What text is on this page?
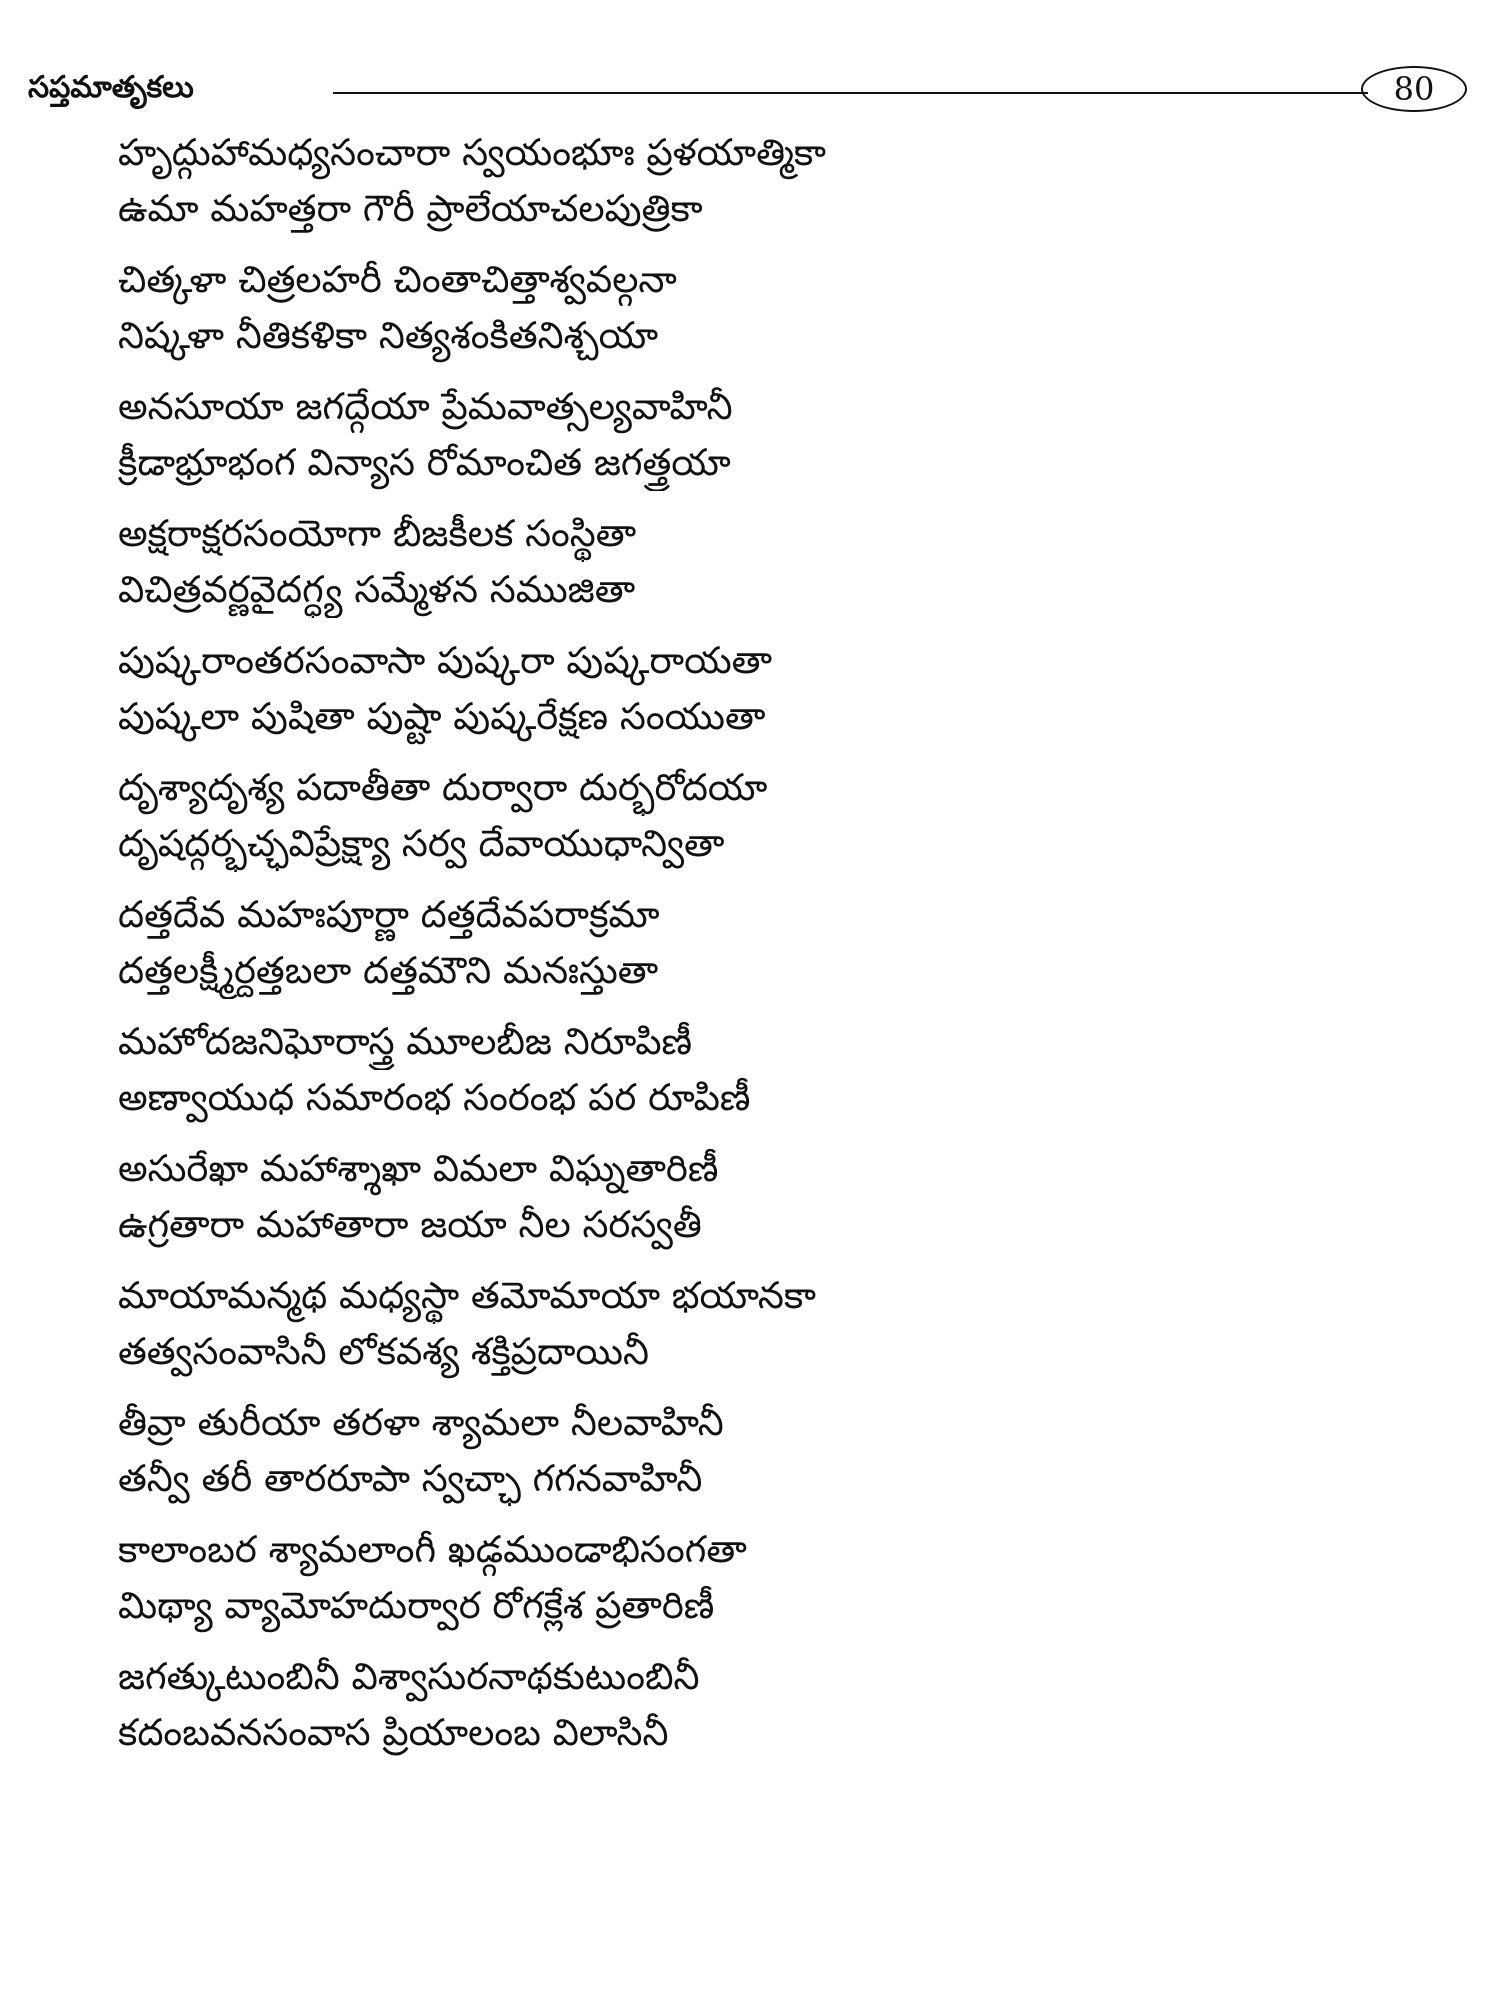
సప్తమాతృకలు	80
హృద్గుహామధ్యసంచారా స్వయంభూః ప్రళయాత్మికా
ఉమా మహత్తరా గౌరీ ప్రాలేయాచలపుత్రికా
చిత్కళా చిత్రలహరీ చింతాచిత్తాశ్వవల్గనా
నిష్కళా నీతికళికా నిత్యశంకితనిశ్చయా
అనసూయా జగద్గేయా ప్రేమవాత్సల్యవాహినీ
క్రీడాభ్రూభంగ విన్యాస రోమాంచిత జగత్త్రయా
అక్షరాక్షరసంయోగా బీజకీలక సంస్థితా
విచిత్రవర్ణవైదగ్ధ్య సమ్మేళన సముజితా
పుష్కరాంతరసంవాసా పుష్కరా పుష్కరాయతా
పుష్కలా పుషితా పుష్టా పుష్కరేక్షణ సంయుతా
దృశ్యాదృశ్య పదాతీతా దుర్వారా దుర్భరోదయా
దృషద్గర్భచ్ఛవిప్రేక్ష్యా సర్వ దేవాయుధాన్వితా
దత్తదేవ మహఃపూర్ణా దత్తదేవపరాక్రమా
దత్తలక్ష్మీర్దత్తబలా దత్తమౌని మనఃస్తుతా
మహోదజనిఘోరాస్త్ర మూలబీజ నిరూపిణీ
అణ్వాయుధ సమారంభ సంరంభ పర రూపిణీ
అసురేఖా మహాశ్శాఖా విమలా విఘ్నతారిణీ
ఉగ్రతారా మహాతారా జయా నీల సరస్వతీ
మాయామన్మథ మధ్యస్థా తమోమాయా భయానకా
తత్వసంవాసినీ లోకవశ్య శక్తిప్రదాయినీ
తీవ్రా తురీయా తరళా శ్యామలా నీలవాహినీ
తన్వీ తరీ తారరూపా స్వచ్ఛా గగనవాహినీ
కాలాంబర శ్యామలాంగీ ఖడ్గముండాభిసంగతా
మిథ్యా వ్యామోహదుర్వార రోగక్లేశ ప్రతారిణీ
జగత్కుటుంబినీ విశ్వాసురనాథకుటుంబినీ
కదంబవనసంవాస ప్రియాలంబ విలాసినీ
